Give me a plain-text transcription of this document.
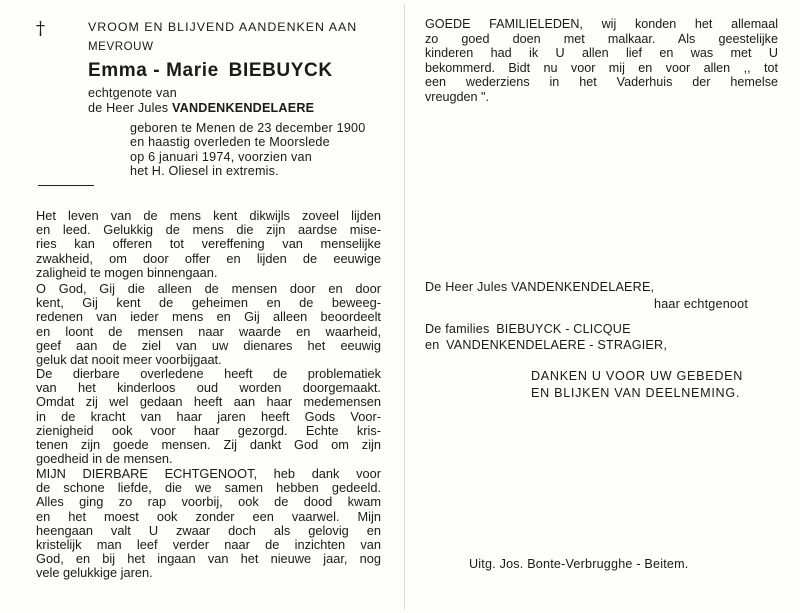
†	VROOM EN BLIJVEND AANDENKEN AAN
MEVROUW
Emma - Marie BIEBUYCK
echtgenote van
de Heer Jules VANDENKENDELAERE
geboren te Menen de 23 december 1900
en haastig overleden te Moorslede
op 6 januari 1974, voorzien van
het H. Oliesel in extremis.
Het leven van de mens kent dikwijls zoveel lijden
en leed. Gelukkig de mens die zijn aardse mise-
ries kan offeren tot vereffening van menselijke
zwakheid, om door offer en lijden de eeuwige
zaligheid te mogen binnengaan.
O God, Gij die alleen de mensen door en door
kent, Gij kent de geheimen en de beweeg-
redenen van ieder mens en Gij alleen beoordeelt
en loont de mensen naar waarde en waarheid,
geef aan de ziel van uw dienares het eeuwig
geluk dat nooit meer voorbijgaat.
De dierbare overledene heeft de problematiek
van het kinderloos oud worden doorgemaakt.
Omdat zij wel gedaan heeft aan haar medemensen
in de kracht van haar jaren heeft Gods Voor-
zienigheid ook voor haar gezorgd. Echte kris-
tenen zijn goede mensen. Zij dankt God om zijn
goedheid in de mensen.
MIJN DIERBARE ECHTGENOOT, heb dank voor
de schone liefde, die we samen hebben gedeeld.
Alles ging zo rap voorbij, ook de dood kwam
en het moest ook zonder een vaarwel. Mijn
heengaan valt U zwaar doch als gelovig en
kristelijk man leef verder naar de inzichten van
God, en bij het ingaan van het nieuwe jaar, nog
vele gelukkige jaren.
GOEDE FAMILIELEDEN, wij konden het allemaal
zo goed doen met malkaar. Als geestelijke
kinderen had ik U allen lief en was met U
bekommerd. Bidt nu voor mij en voor allen ,, tot
een wederziens in het Vaderhuis der hemelse
vreugden ".
De Heer Jules VANDENKENDELAERE,
haar echtgenoot
De families BIEBUYCK - CLICQUE
en VANDENKENDELAERE - STRAGIER,
DANKEN U VOOR UW GEBEDEN
EN BLIJKEN VAN DEELNEMING.
Uitg. Jos. Bonte-Verbrugghe - Beitem.
